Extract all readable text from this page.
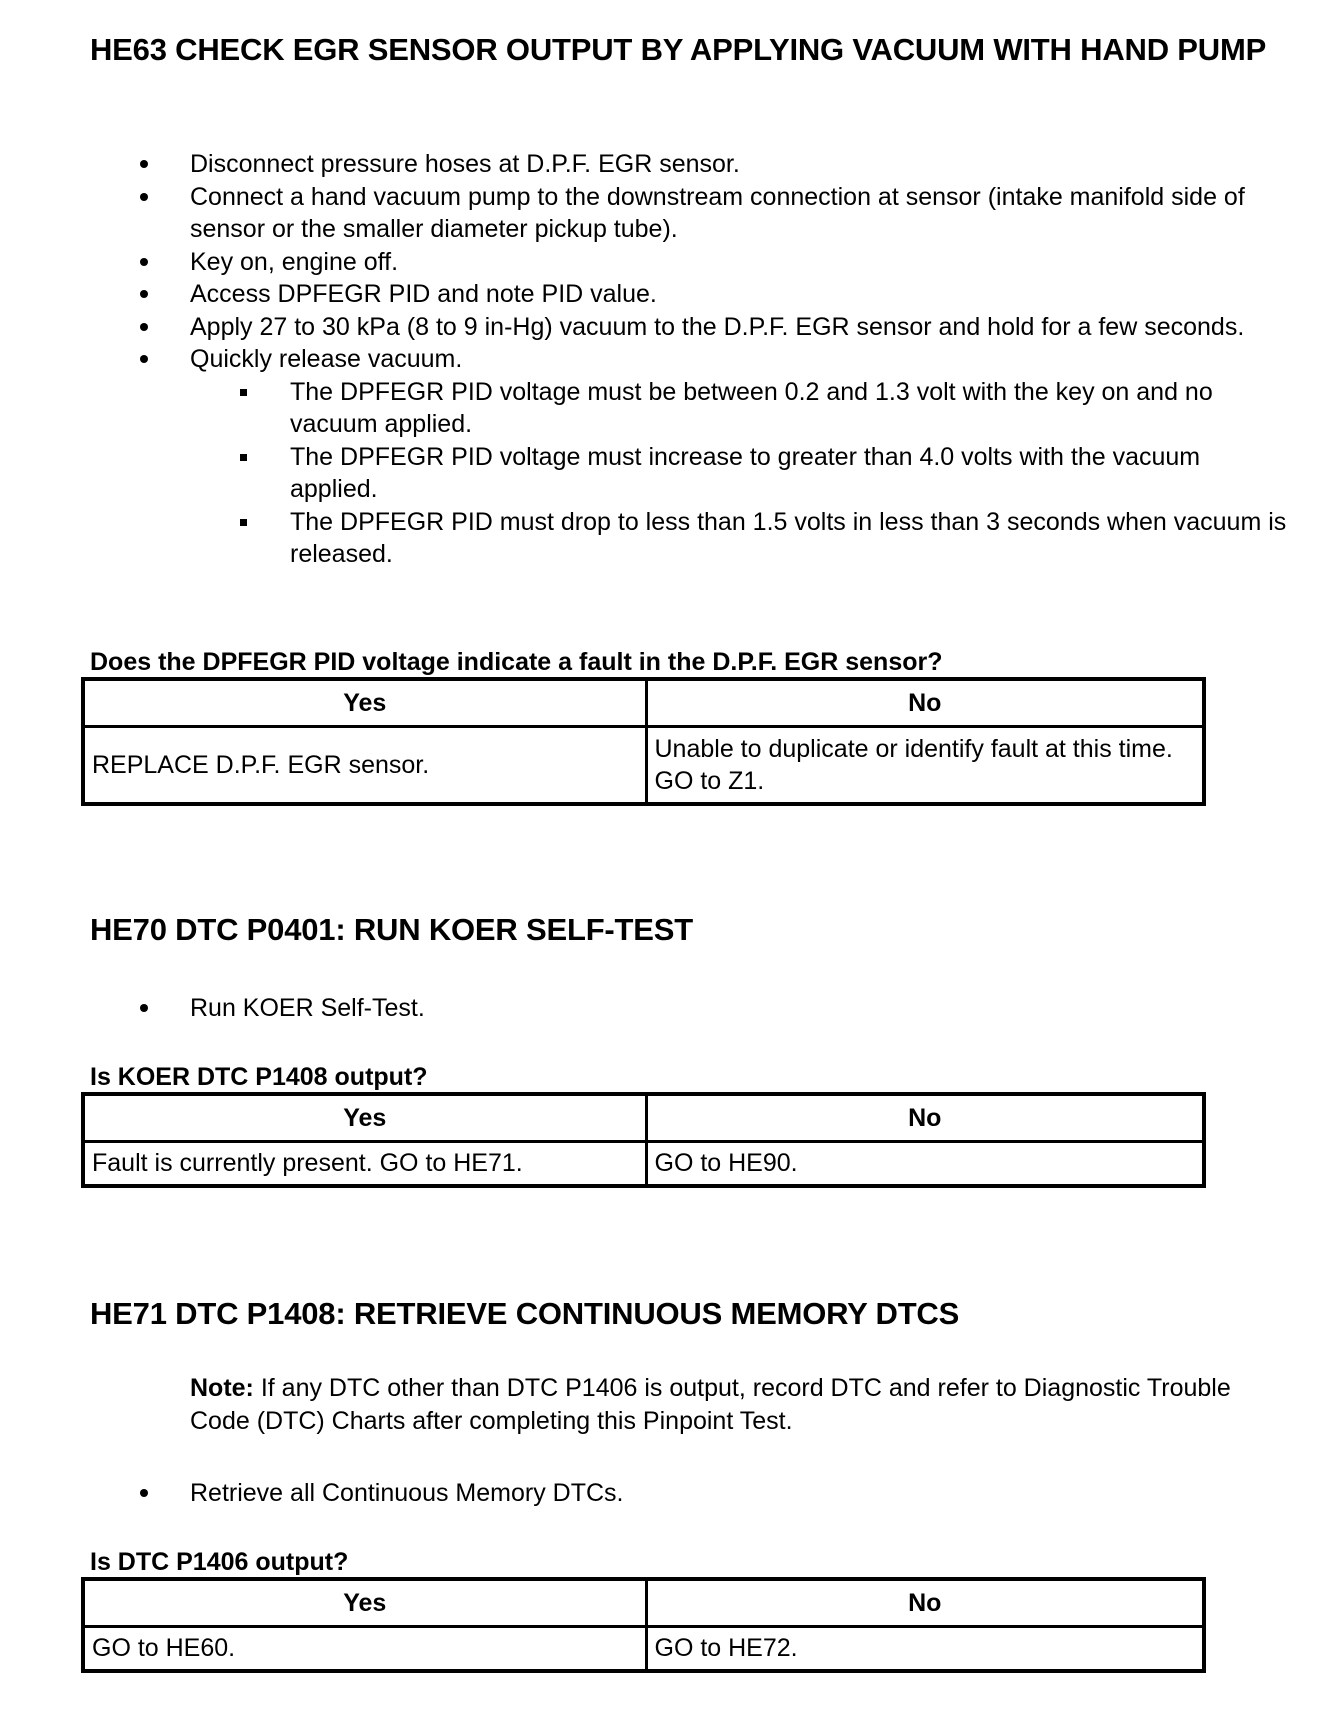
HE63 CHECK EGR SENSOR OUTPUT BY APPLYING VACUUM WITH HAND PUMP
Disconnect pressure hoses at D.P.F. EGR sensor.
Connect a hand vacuum pump to the downstream connection at sensor (intake manifold side of sensor or the smaller diameter pickup tube).
Key on, engine off.
Access DPFEGR PID and note PID value.
Apply 27 to 30 kPa (8 to 9 in-Hg) vacuum to the D.P.F. EGR sensor and hold for a few seconds.
Quickly release vacuum.
The DPFEGR PID voltage must be between 0.2 and 1.3 volt with the key on and no vacuum applied.
The DPFEGR PID voltage must increase to greater than 4.0 volts with the vacuum applied.
The DPFEGR PID must drop to less than 1.5 volts in less than 3 seconds when vacuum is released.

Does the DPFEGR PID voltage indicate a fault in the D.P.F. EGR sensor?

Yes	No
REPLACE D.P.F. EGR sensor.	Unable to duplicate or identify fault at this time. GO to Z1.
HE70 DTC P0401: RUN KOER SELF-TEST
Run KOER Self-Test.

Is KOER DTC P1408 output?

Yes	No
Fault is currently present. GO to HE71.	GO to HE90.
HE71 DTC P1408: RETRIEVE CONTINUOUS MEMORY DTCS

Note: If any DTC other than DTC P1406 is output, record DTC and refer to Diagnostic Trouble Code (DTC) Charts after completing this Pinpoint Test.

Retrieve all Continuous Memory DTCs.

Is DTC P1406 output?

Yes	No
GO to HE60.	GO to HE72.
